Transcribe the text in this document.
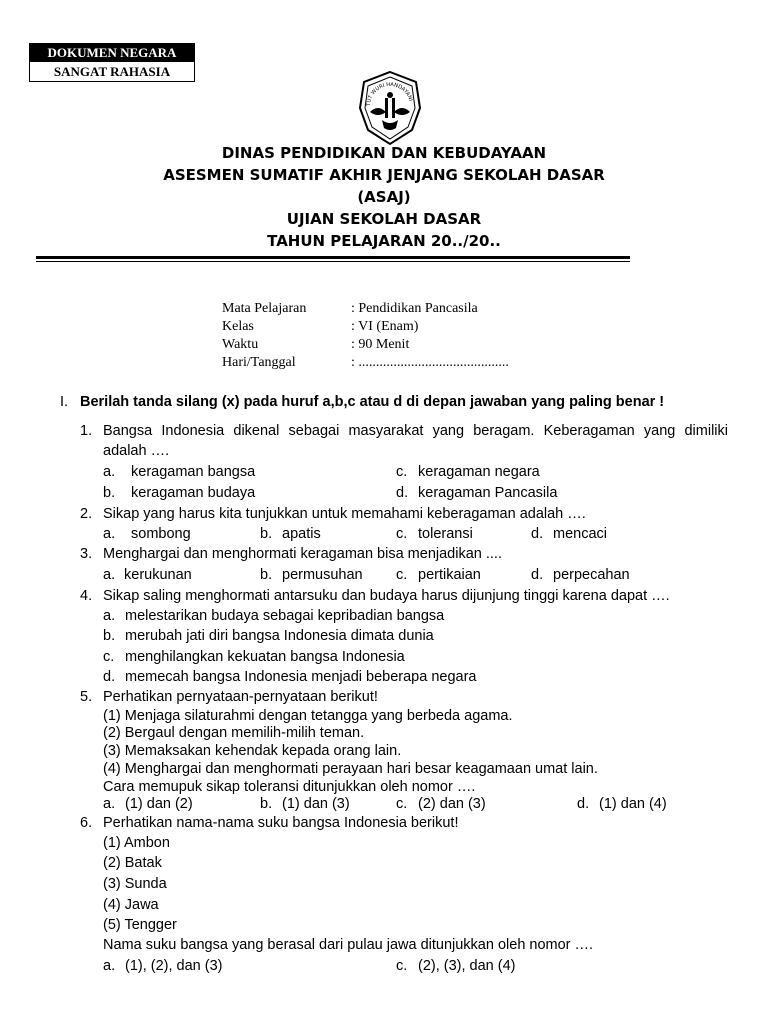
DOKUMEN NEGARA
SANGAT RAHASIA
TUT WURI HANDAYANI
DINAS PENDIDIKAN DAN KEBUDAYAAN
ASESMEN SUMATIF AKHIR JENJANG SEKOLAH DASAR
(ASAJ)
UJIAN SEKOLAH DASAR
TAHUN PELAJARAN 20../20..
Mata Pelajaran	: Pendidikan Pancasila
Kelas	: VI (Enam)
Waktu	: 90 Menit
Hari/Tanggal	: ...........................................
I. Berilah tanda silang (x) pada huruf a,b,c atau d di depan jawaban yang paling benar !
1. Bangsa Indonesia dikenal sebagai masyarakat yang beragam. Keberagaman yang dimiliki
adalah ….
a. keragaman bangsa	c. keragaman negara
b. keragaman budaya	d. keragaman Pancasila
2. Sikap yang harus kita tunjukkan untuk memahami keberagaman adalah ….
a. sombong	b. apatis	c. toleransi	d. mencaci
3. Menghargai dan menghormati keragaman bisa menjadikan ....
a. kerukunan	b. permusuhan c. pertikaian	d. perpecahan
4. Sikap saling menghormati antarsuku dan budaya harus dijunjung tinggi karena dapat ….
a. melestarikan budaya sebagai kepribadian bangsa
b. merubah jati diri bangsa Indonesia dimata dunia
c. menghilangkan kekuatan bangsa Indonesia
d. memecah bangsa Indonesia menjadi beberapa negara
5. Perhatikan pernyataan-pernyataan berikut!
(1) Menjaga silaturahmi dengan tetangga yang berbeda agama.
(2) Bergaul dengan memilih-milih teman.
(3) Memaksakan kehendak kepada orang lain.
(4) Menghargai dan menghormati perayaan hari besar keagamaan umat lain.
Cara memupuk sikap toleransi ditunjukkan oleh nomor ….
a. (1) dan (2)	b. (1) dan (3)	c. (2) dan (3)	d. (1) dan (4)
6. Perhatikan nama-nama suku bangsa Indonesia berikut!
(1) Ambon
(2) Batak
(3) Sunda
(4) Jawa
(5) Tengger
Nama suku bangsa yang berasal dari pulau jawa ditunjukkan oleh nomor ….
a. (1), (2), dan (3)	c. (2), (3), dan (4)
